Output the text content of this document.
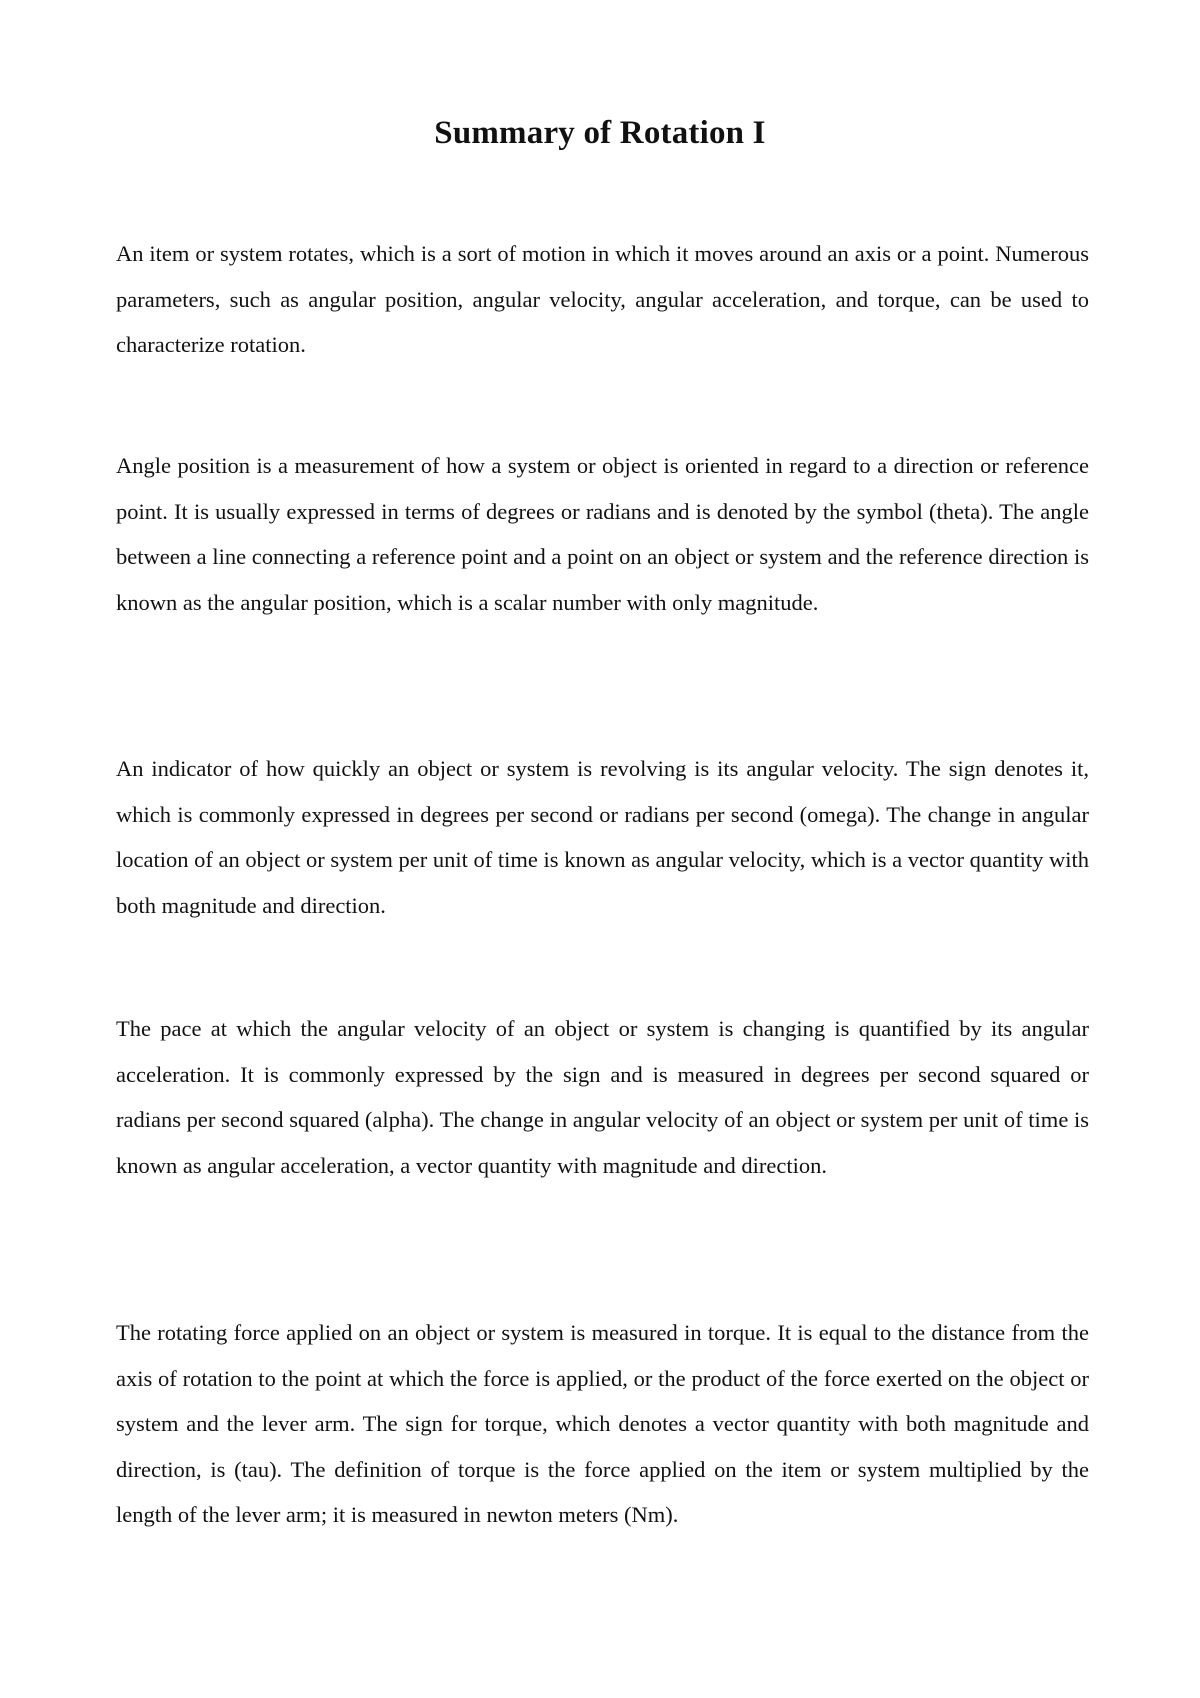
Summary of Rotation I

An item or system rotates, which is a sort of motion in which it moves around an axis or a point. Numerous parameters, such as angular position, angular velocity, angular acceleration, and torque, can be used to characterize rotation.

Angle position is a measurement of how a system or object is oriented in regard to a direction or reference point. It is usually expressed in terms of degrees or radians and is denoted by the symbol (theta). The angle between a line connecting a reference point and a point on an object or system and the reference direction is known as the angular position, which is a scalar number with only magnitude.

An indicator of how quickly an object or system is revolving is its angular velocity. The sign denotes it, which is commonly expressed in degrees per second or radians per second (omega). The change in angular location of an object or system per unit of time is known as angular velocity, which is a vector quantity with both magnitude and direction.

The pace at which the angular velocity of an object or system is changing is quantified by its angular acceleration. It is commonly expressed by the sign and is measured in degrees per second squared or radians per second squared (alpha). The change in angular velocity of an object or system per unit of time is known as angular acceleration, a vector quantity with magnitude and direction.

The rotating force applied on an object or system is measured in torque. It is equal to the distance from the axis of rotation to the point at which the force is applied, or the product of the force exerted on the object or system and the lever arm. The sign for torque, which denotes a vector quantity with both magnitude and direction, is (tau). The definition of torque is the force applied on the item or system multiplied by the length of the lever arm; it is measured in newton meters (Nm).
